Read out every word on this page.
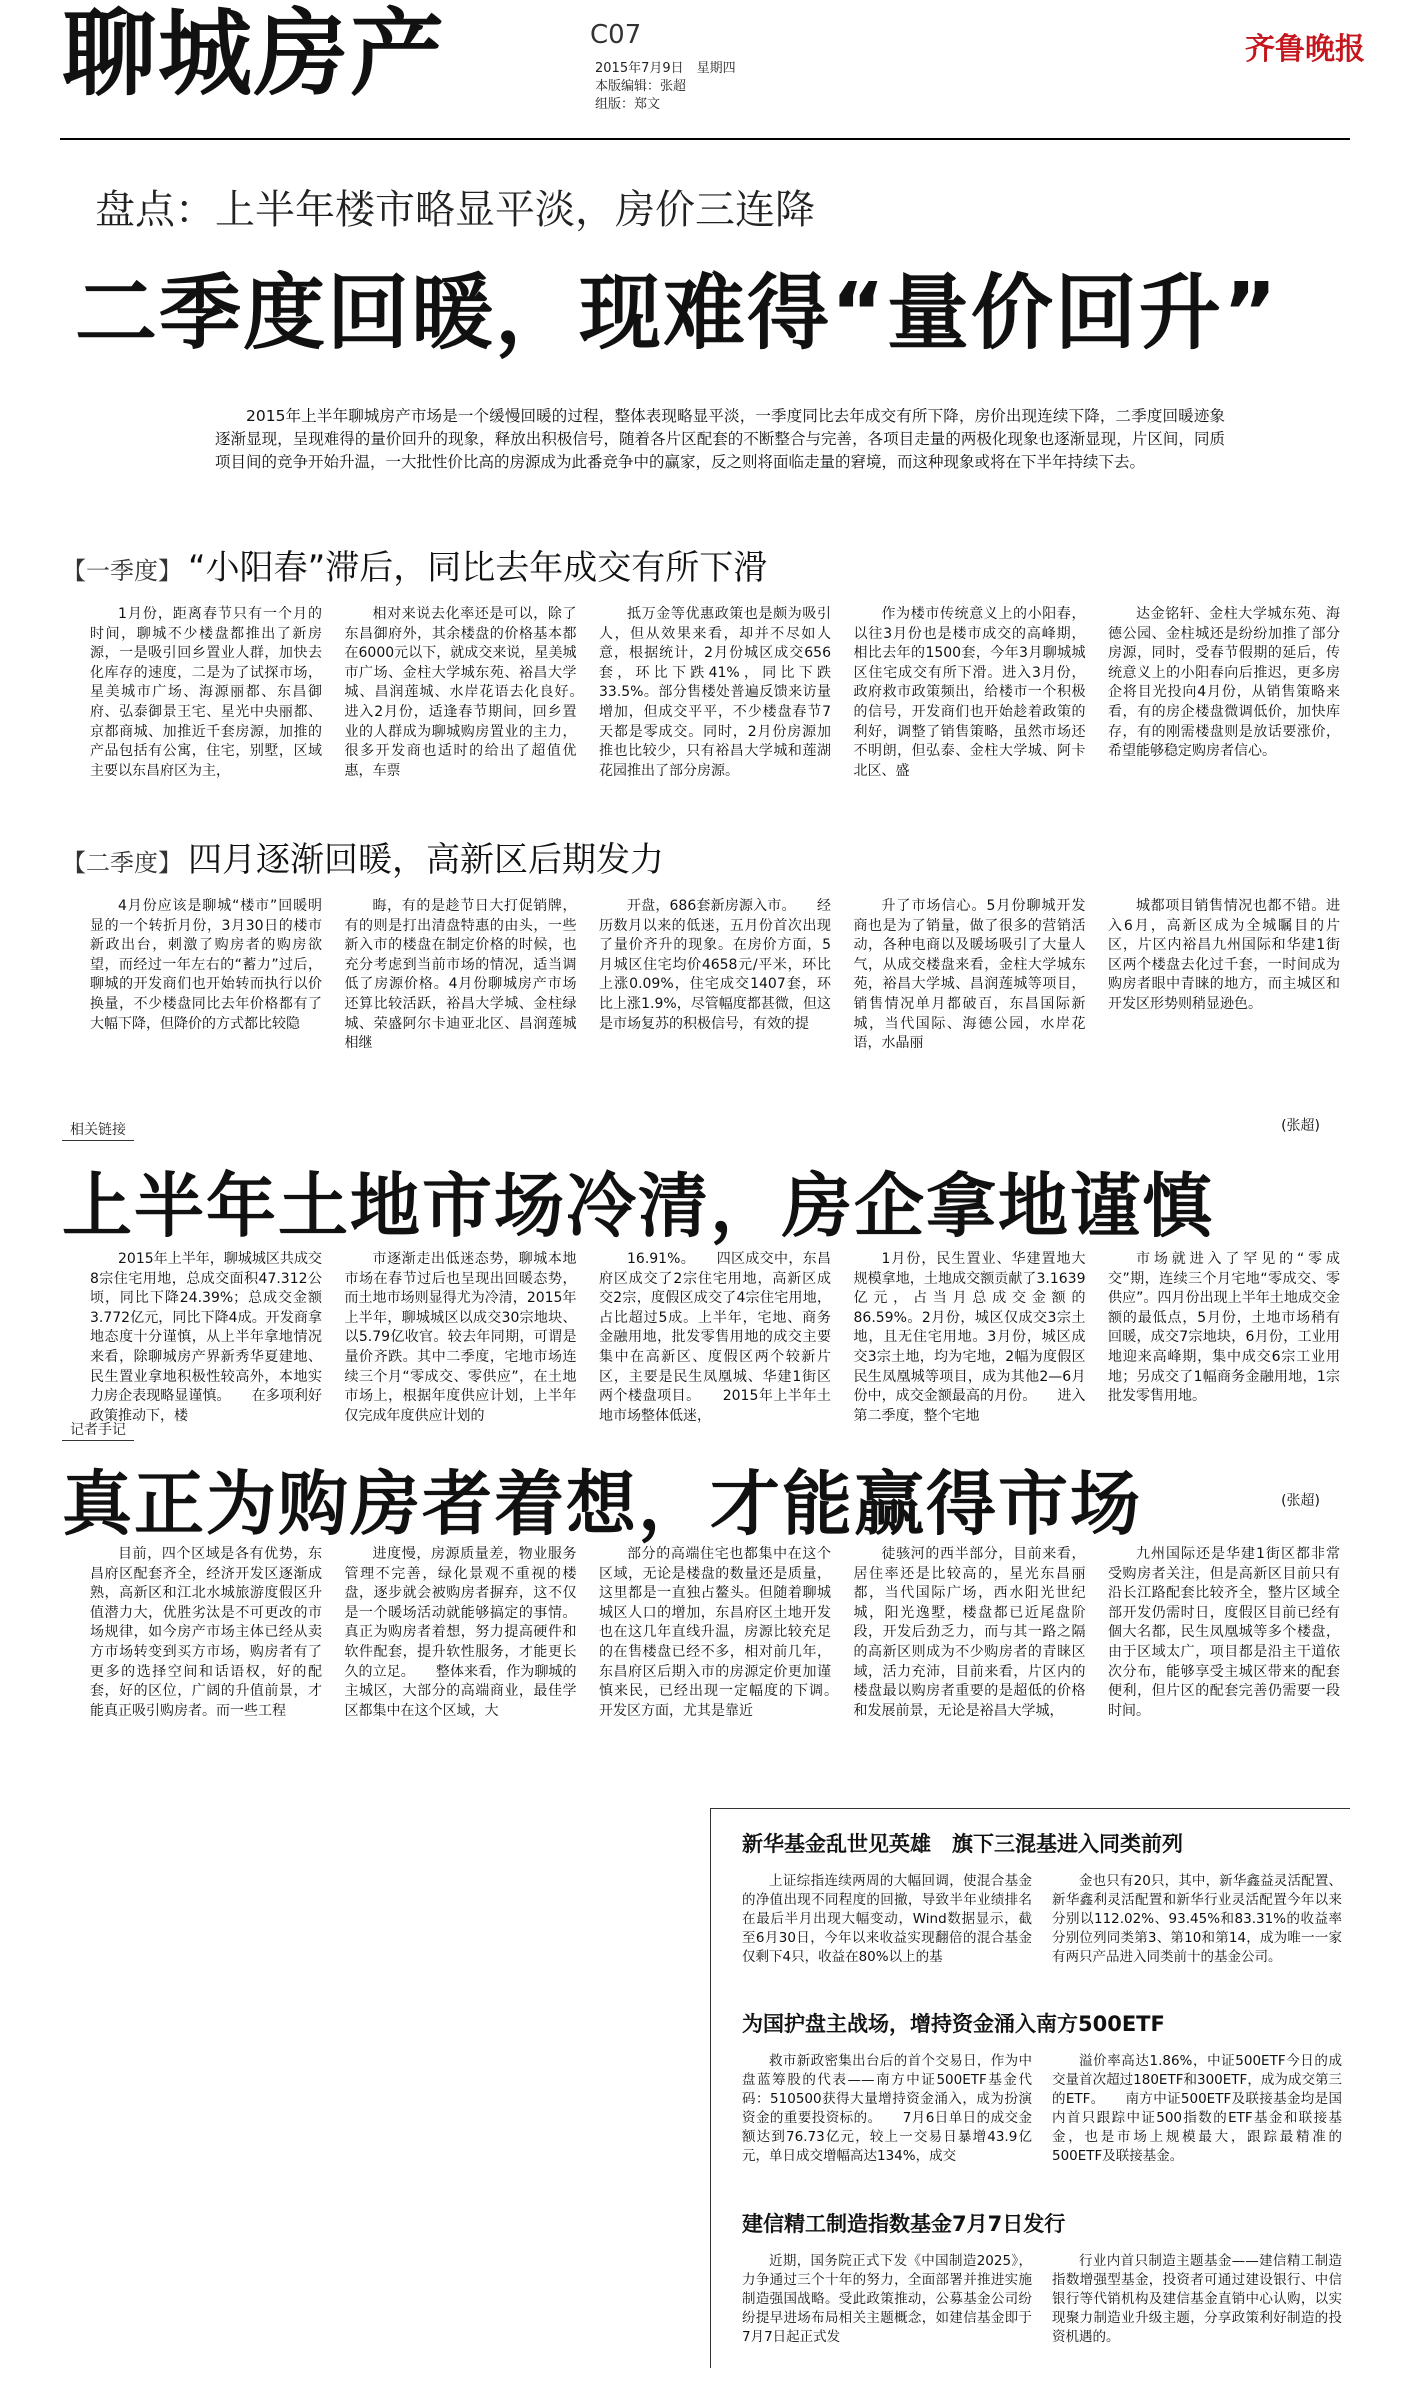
聊城房产	C07
2015年7月9日　星期四
本版编辑：张超
组版：郑文
齐鲁晚报
盘点：上半年楼市略显平淡，房价三连降
二季度回暖，现难得“量价回升”
2015年上半年聊城房产市场是一个缓慢回暖的过程，整体表现略显平淡，一季度同比去年成交有所下降，房价出现连续下降，二季度回暖迹象逐渐显现，呈现难得的量价回升的现象，释放出积极信号，随着各片区配套的不断整合与完善，各项目走量的两极化现象也逐渐显现，片区间，同质项目间的竞争开始升温，一大批性价比高的房源成为此番竞争中的赢家，反之则将面临走量的窘境，而这种现象或将在下半年持续下去。
【一季度】 “小阳春”滞后，同比去年成交有所下滑

1月份，距离春节只有一个月的时间，聊城不少楼盘都推出了新房源，一是吸引回乡置业人群，加快去化库存的速度，二是为了试探市场，星美城市广场、海源丽都、东昌御府、弘泰御景王宅、星光中央丽都、京都商城、加推近千套房源，加推的产品包括有公寓，住宅，别墅，区域主要以东昌府区为主，

相对来说去化率还是可以，除了东昌御府外，其余楼盘的价格基本都在6000元以下，就成交来说，星美城市广场、金柱大学城东苑、裕昌大学城、昌润莲城、水岸花语去化良好。　　进入2月份，适逢春节期间，回乡置业的人群成为聊城购房置业的主力，很多开发商也适时的给出了超值优惠，车票

抵万金等优惠政策也是颇为吸引人，但从效果来看，却并不尽如人意，根据统计，2月份城区成交656套，环比下跌41%，同比下跌33.5%。部分售楼处普遍反馈来访量增加，但成交平平，不少楼盘春节7天都是零成交。同时，2月份房源加推也比较少，只有裕昌大学城和莲湖花园推出了部分房源。

作为楼市传统意义上的小阳春，以往3月份也是楼市成交的高峰期，相比去年的1500套，今年3月聊城城区住宅成交有所下滑。进入3月份，政府救市政策频出，给楼市一个积极的信号，开发商们也开始趁着政策的利好，调整了销售策略，虽然市场还不明朗，但弘泰、金柱大学城、阿卡北区、盛

达金铭轩、金柱大学城东苑、海德公园、金柱城还是纷纷加推了部分房源，同时，受春节假期的延后，传统意义上的小阳春向后推迟，更多房企将目光投向4月份，从销售策略来看，有的房企楼盘微调低价，加快库存，有的刚需楼盘则是放话要涨价，希望能够稳定购房者信心。

【二季度】 四月逐渐回暖，高新区后期发力

4月份应该是聊城“楼市”回暖明显的一个转折月份，3月30日的楼市新政出台，刺激了购房者的购房欲望，而经过一年左右的“蓄力”过后，聊城的开发商们也开始转而执行以价换量，不少楼盘同比去年价格都有了大幅下降，但降价的方式都比较隐

晦，有的是趁节日大打促销牌，有的则是打出清盘特惠的由头，一些新入市的楼盘在制定价格的时候，也充分考虑到当前市场的情况，适当调低了房源价格。4月份聊城房产市场还算比较活跃，裕昌大学城、金柱绿城、荣盛阿尔卡迪亚北区、昌润莲城相继

开盘，686套新房源入市。　　经历数月以来的低迷，五月份首次出现了量价齐升的现象。在房价方面，5月城区住宅均价4658元/平米，环比上涨0.09%，住宅成交1407套，环比上涨1.9%，尽管幅度都甚微，但这是市场复苏的积极信号，有效的提

升了市场信心。5月份聊城开发商也是为了销量，做了很多的营销活动，各种电商以及暖场吸引了大量人气，从成交楼盘来看，金柱大学城东苑，裕昌大学城、昌润莲城等项目，销售情况单月都破百，东昌国际新城，当代国际、海德公园，水岸花语，水晶丽

城都项目销售情况也都不错。进入6月，高新区成为全城瞩目的片区，片区内裕昌九州国际和华建1街区两个楼盘去化过千套，一时间成为购房者眼中青睐的地方，而主城区和开发区形势则稍显逊色。

(张超)
相关链接
上半年土地市场冷清，房企拿地谨慎

2015年上半年，聊城城区共成交8宗住宅用地，总成交面积47.312公顷，同比下降24.39%；总成交金额3.772亿元，同比下降4成。开发商拿地态度十分谨慎，从上半年拿地情况来看，除聊城房产界新秀华夏建地、民生置业拿地积极性较高外，本地实力房企表现略显谨慎。　　在多项利好政策推动下，楼

市逐渐走出低迷态势，聊城本地市场在春节过后也呈现出回暖态势，而土地市场则显得尤为冷清，2015年上半年，聊城城区以成交30宗地块、以5.79亿收官。较去年同期，可谓是量价齐跌。其中二季度，宅地市场连续三个月“零成交、零供应”，在土地市场上，根据年度供应计划，上半年仅完成年度供应计划的

16.91%。　　四区成交中，东昌府区成交了2宗住宅用地，高新区成交2宗，度假区成交了4宗住宅用地，占比超过5成。上半年，宅地、商务金融用地，批发零售用地的成交主要集中在高新区、度假区两个较新片区，主要是民生凤凰城、华建1街区两个楼盘项目。　　2015年上半年土地市场整体低迷，

1月份，民生置业、华建置地大规模拿地，土地成交额贡献了3.1639亿元，占当月总成交金额的86.59%。2月份，城区仅成交3宗土地，且无住宅用地。3月份，城区成交3宗土地，均为宅地，2幅为度假区民生凤凰城等项目，成为其他2—6月份中，成交金额最高的月份。　　进入第二季度，整个宅地

市场就进入了罕见的“零成交”期，连续三个月宅地“零成交、零供应”。四月份出现上半年土地成交金额的最低点，5月份，土地市场稍有回暖，成交7宗地块，6月份，工业用地迎来高峰期，集中成交6宗工业用地；另成交了1幅商务金融用地，1宗批发零售用地。

(张超)
记者手记
真正为购房者着想，才能赢得市场

目前，四个区域是各有优势，东昌府区配套齐全，经济开发区逐渐成熟，高新区和江北水城旅游度假区升值潜力大，优胜劣汰是不可更改的市场规律，如今房产市场主体已经从卖方市场转变到买方市场，购房者有了更多的选择空间和话语权，好的配套，好的区位，广阔的升值前景，才能真正吸引购房者。而一些工程

进度慢，房源质量差，物业服务管理不完善，绿化景观不重视的楼盘，逐步就会被购房者摒弃，这不仅是一个暖场活动就能够搞定的事情。真正为购房者着想，努力提高硬件和软件配套，提升软性服务，才能更长久的立足。　　整体来看，作为聊城的主城区，大部分的高端商业，最佳学区都集中在这个区域，大

部分的高端住宅也都集中在这个区域，无论是楼盘的数量还是质量，这里都是一直独占鳌头。但随着聊城城区人口的增加，东昌府区土地开发也在这几年直线升温，房源比较充足的在售楼盘已经不多，相对前几年，东昌府区后期入市的房源定价更加谨慎来民，已经出现一定幅度的下调。　　开发区方面，尤其是靠近

徒骇河的西半部分，目前来看，居住率还是比较高的，星光东昌丽都，当代国际广场，西水阳光世纪城，阳光逸墅，楼盘都已近尾盘阶段，开发后劲乏力，而与其一路之隔的高新区则成为不少购房者的青睐区域，活力充沛，目前来看，片区内的楼盘最以购房者重要的是超低的价格和发展前景，无论是裕昌大学城，

九州国际还是华建1街区都非常受购房者关注，但是高新区目前只有沿长江路配套比较齐全，整片区域全部开发仍需时日，度假区目前已经有個大名都，民生凤凰城等多个楼盘，由于区域太广，项目都是沿主干道依次分布，能够享受主城区带来的配套便利，但片区的配套完善仍需要一段时间。

新华基金乱世见英雄　旗下三混基进入同类前列

上证综指连续两周的大幅回调，使混合基金的净值出现不同程度的回撤，导致半年业绩排名在最后半月出现大幅变动，Wind数据显示，截至6月30日，今年以来收益实现翻倍的混合基金仅剩下4只，收益在80%以上的基

金也只有20只，其中，新华鑫益灵活配置、新华鑫利灵活配置和新华行业灵活配置今年以来分别以112.02%、93.45%和83.31%的收益率分别位列同类第3、第10和第14，成为唯一一家有两只产品进入同类前十的基金公司。

为国护盘主战场，增持资金涌入南方500ETF

救市新政密集出台后的首个交易日，作为中盘蓝筹股的代表——南方中证500ETF基金代码：510500获得大量增持资金涌入，成为扮演资金的重要投资标的。　　7月6日单日的成交金额达到76.73亿元，较上一交易日暴增43.9亿元，单日成交增幅高达134%，成交

溢价率高达1.86%，中证500ETF今日的成交量首次超过180ETF和300ETF，成为成交第三的ETF。　　南方中证500ETF及联接基金均是国内首只跟踪中证500指数的ETF基金和联接基金，也是市场上规模最大，跟踪最精准的500ETF及联接基金。

建信精工制造指数基金7月7日发行

近期，国务院正式下发《中国制造2025》，力争通过三个十年的努力，全面部署并推进实施制造强国战略。受此政策推动，公募基金公司纷纷提早进场布局相关主题概念，如建信基金即于7月7日起正式发

行业内首只制造主题基金——建信精工制造指数增强型基金，投资者可通过建设银行、中信银行等代销机构及建信基金直销中心认购，以实现聚力制造业升级主题，分享政策利好制造的投资机遇的。
